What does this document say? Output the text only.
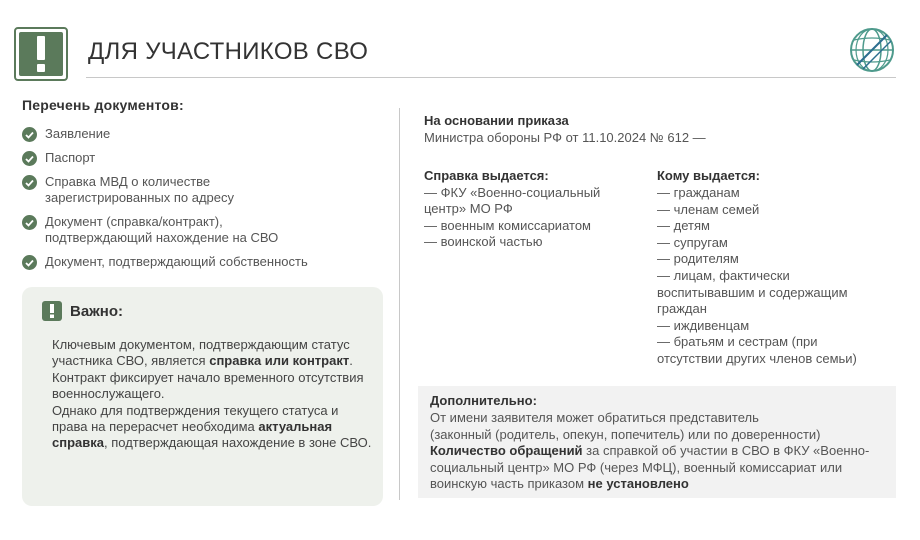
ДЛЯ УЧАСТНИКОВ СВО
Перечень документов:
Заявление
Паспорт
Справка МВД о количестве
зарегистрированных по адресу
Документ (справка/контракт),
подтверждающий нахождение на СВО
Документ, подтверждающий собственность
Важно:
Ключевым документом, подтверждающим статус участника СВО, является справка или контракт.
Контракт фиксирует начало временного отсутствия военнослужащего.
Однако для подтверждения текущего статуса и права на перерасчет необходима актуальная справка, подтверждающая нахождение в зоне СВО.
На основании приказа
Министра обороны РФ от 11.10.2024 № 612 —
Справка выдается:
— ФКУ «Военно-социальный
центр» МО РФ
— военным комиссариатом
— воинской частью
Кому выдается:
— гражданам
— членам семей
— детям
— супругам
— родителям
— лицам, фактически
воспитывавшим и содержащим
граждан
— иждивенцам
— братьям и сестрам (при
отсутствии других членов семьи)
Дополнительно:
От имени заявителя может обратиться представитель
(законный (родитель, опекун, попечитель) или по доверенности)
Количество обращений за справкой об участии в СВО в ФКУ «Военно-социальный центр» МО РФ (через МФЦ), военный комиссариат или воинскую часть приказом не установлено
